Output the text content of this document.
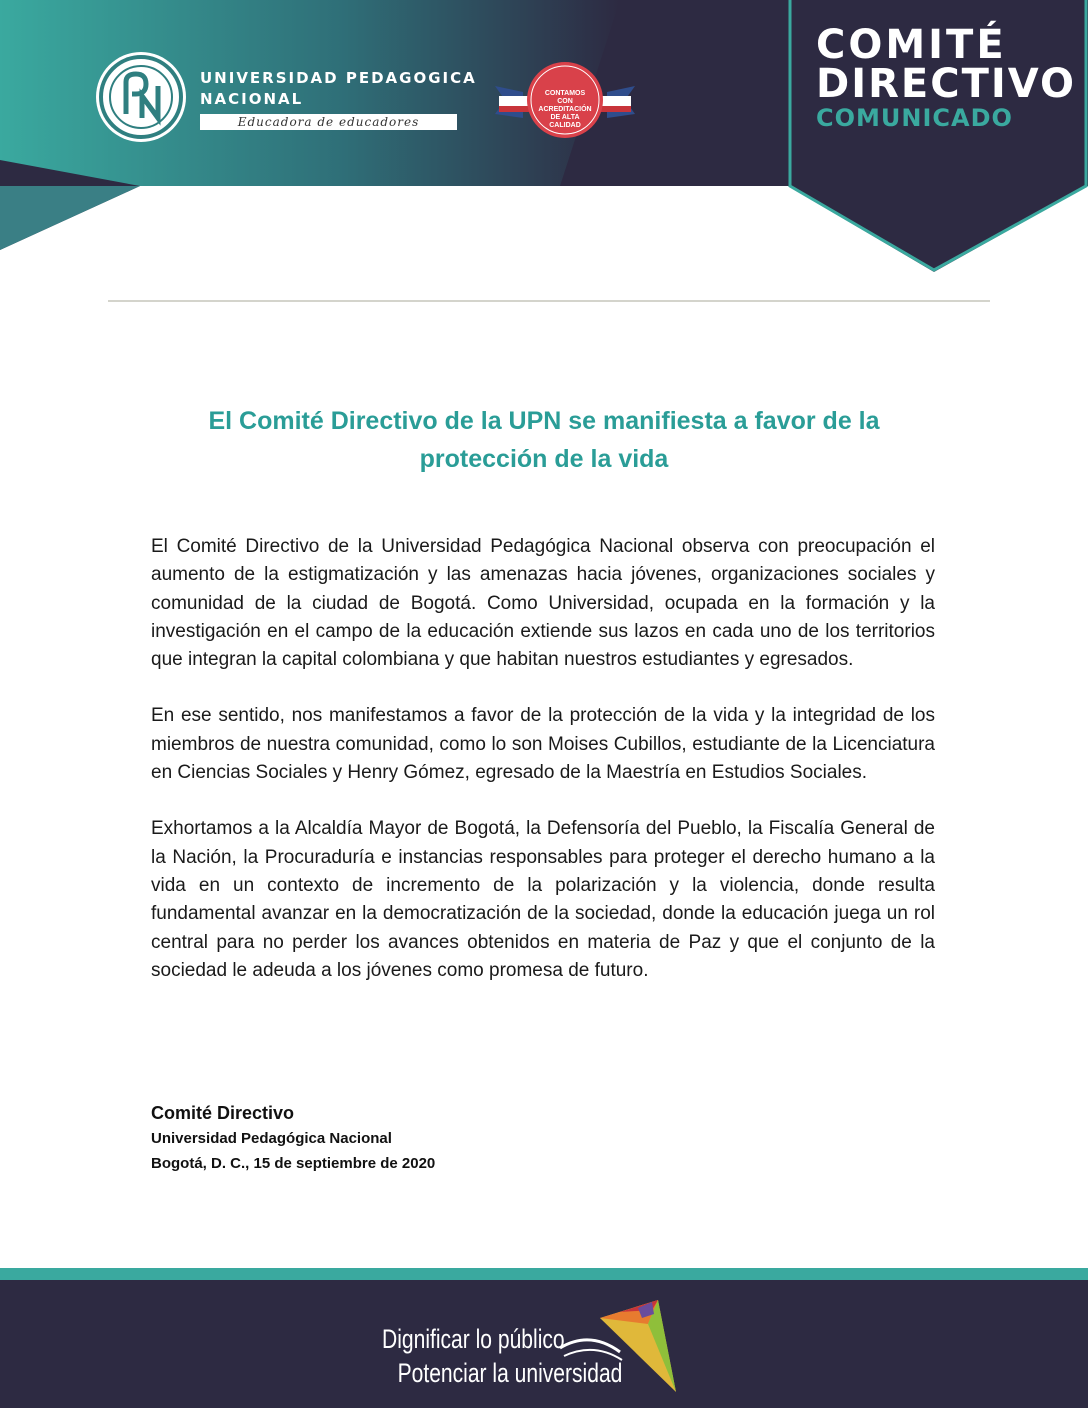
UNIVERSIDAD PEDAGOGICA
NACIONAL
Educadora de educadores
CONTAMOS CON
ACREDITACIÓN
DE ALTA CALIDAD
COMITÉ
DIRECTIVO
COMUNICADO
El Comité Directivo de la UPN se manifiesta a favor de la
protección de la vida

El Comité Directivo de la Universidad Pedagógica Nacional observa con preocupación el aumento de la estigmatización y las amenazas hacia jóvenes, organizaciones sociales y comunidad de la ciudad de Bogotá. Como Universidad, ocupada en la formación y la investigación en el campo de la educación extiende sus lazos en cada uno de los territorios que integran la capital colombiana y que habitan nuestros estudiantes y egresados.

En ese sentido, nos manifestamos a favor de la protección de la vida y la integridad de los miembros de nuestra comunidad, como lo son Moises Cubillos, estudiante de la Licenciatura en Ciencias Sociales y Henry Gómez, egresado de la Maestría en Estudios Sociales.

Exhortamos a la Alcaldía Mayor de Bogotá, la Defensoría del Pueblo, la Fiscalía General de la Nación, la Procuraduría e instancias responsables para proteger el derecho humano a la vida en un contexto de incremento de la polarización y la violencia, donde resulta fundamental avanzar en la democratización de la sociedad, donde la educación juega un rol central para no perder los avances obtenidos en materia de Paz y que el conjunto de la sociedad le adeuda a los jóvenes como promesa de futuro.

Comité Directivo
Universidad Pedagógica Nacional
Bogotá, D. C., 15 de septiembre de 2020
Dignificar lo público
Potenciar la universidad
